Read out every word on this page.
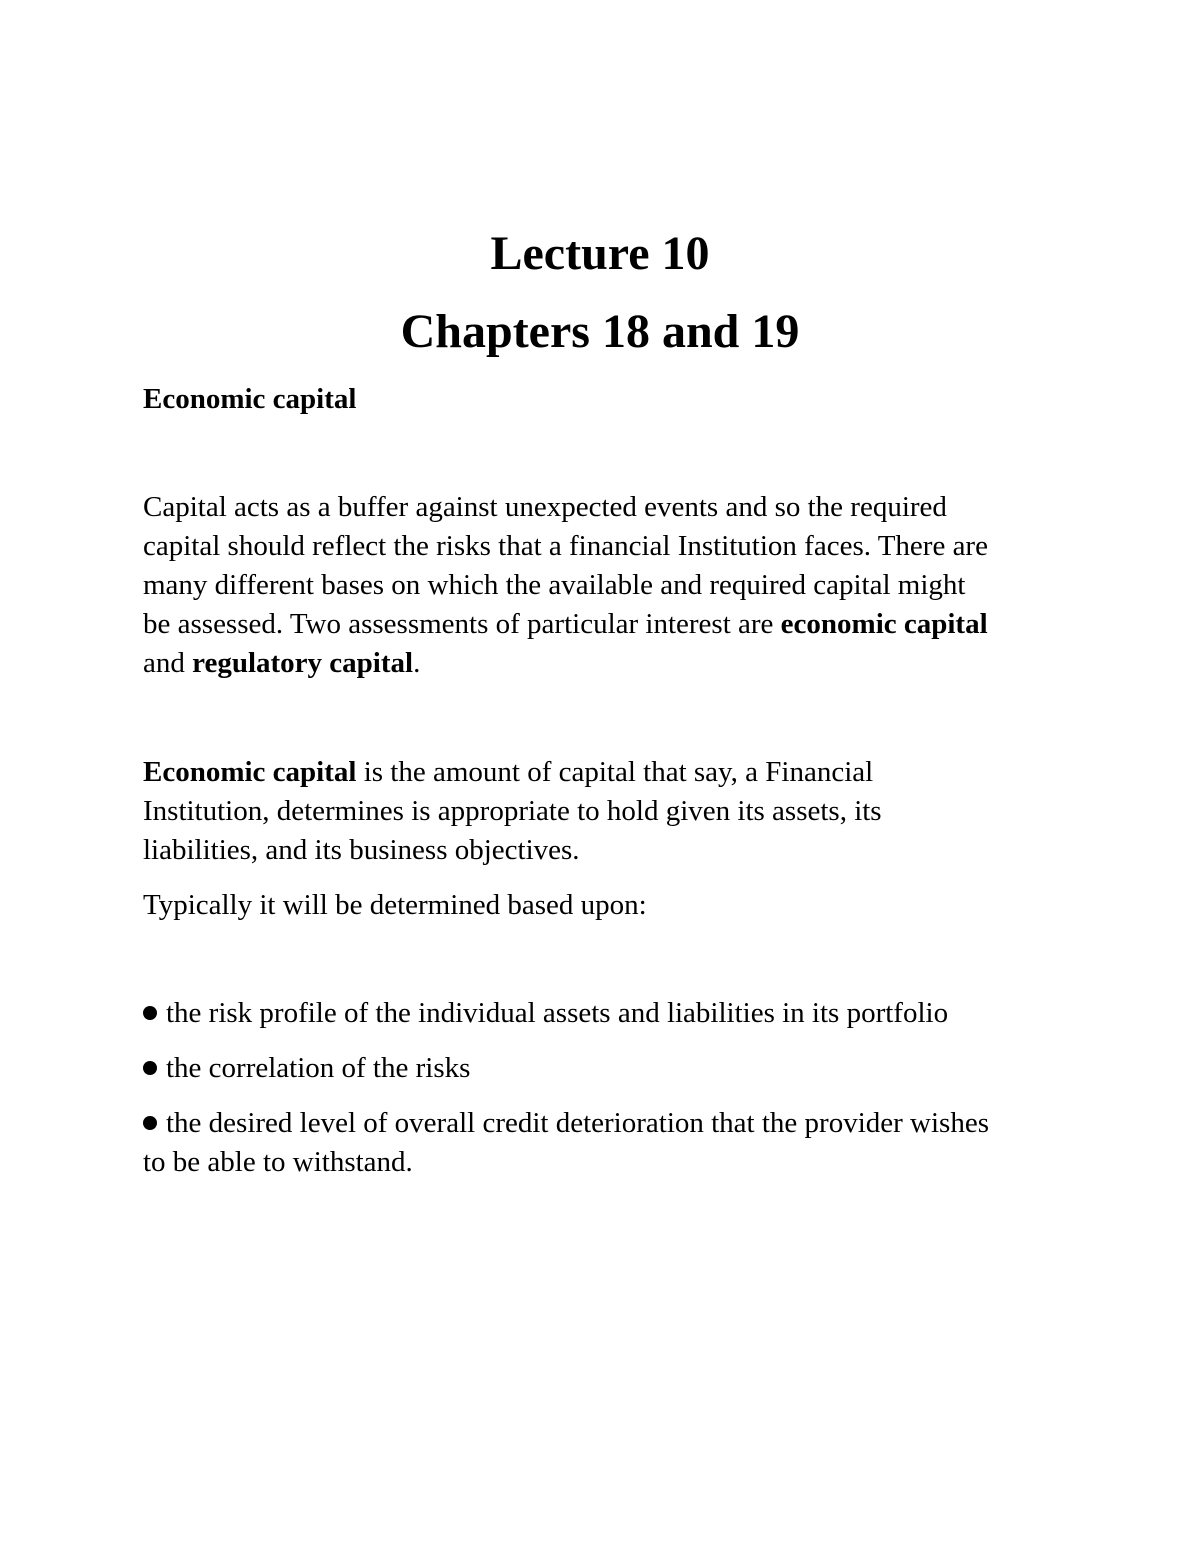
Lecture 10
Chapters 18 and 19
Economic capital
Capital acts as a buffer against unexpected events and so the required
capital should reflect the risks that a financial Institution faces. There are
many different bases on which the available and required capital might
be assessed. Two assessments of particular interest are economic capital
and regulatory capital.
Economic capital is the amount of capital that say, a Financial
Institution, determines is appropriate to hold given its assets, its
liabilities, and its business objectives.
Typically it will be determined based upon:
the risk profile of the individual assets and liabilities in its portfolio
the correlation of the risks
the desired level of overall credit deterioration that the provider wishes
to be able to withstand.
